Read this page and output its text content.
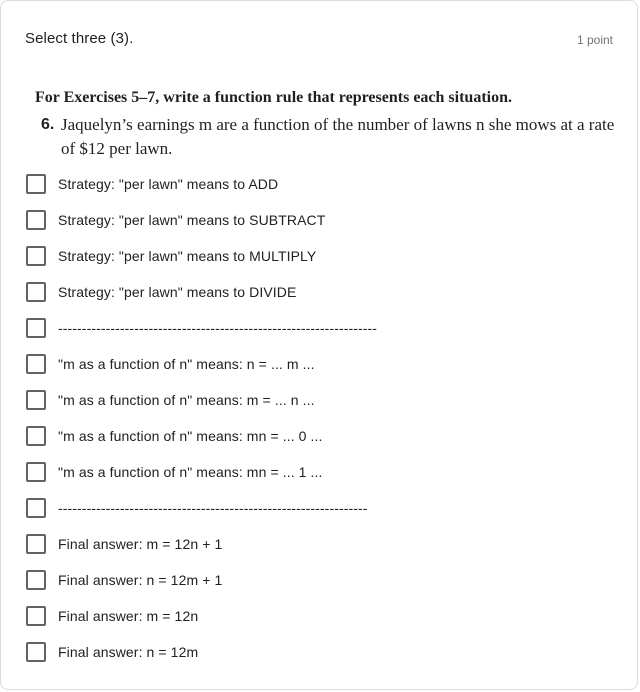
Select three (3).	1 point
For Exercises 5–7, write a function rule that represents each situation.
6. Jaquelyn’s earnings m are a function of the number of lawns n she mows at a rate of $12 per lawn.
Strategy: "per lawn" means to ADD
Strategy: "per lawn" means to SUBTRACT
Strategy: "per lawn" means to MULTIPLY
Strategy: "per lawn" means to DIVIDE
-------------------------------------------------------------------
"m as a function of n" means: n = ... m ...
"m as a function of n" means: m = ... n ...
"m as a function of n" means: mn = ... 0 ...
"m as a function of n" means: mn = ... 1 ...
-----------------------------------------------------------------
Final answer: m = 12n + 1
Final answer: n = 12m + 1
Final answer: m = 12n
Final answer: n = 12m
